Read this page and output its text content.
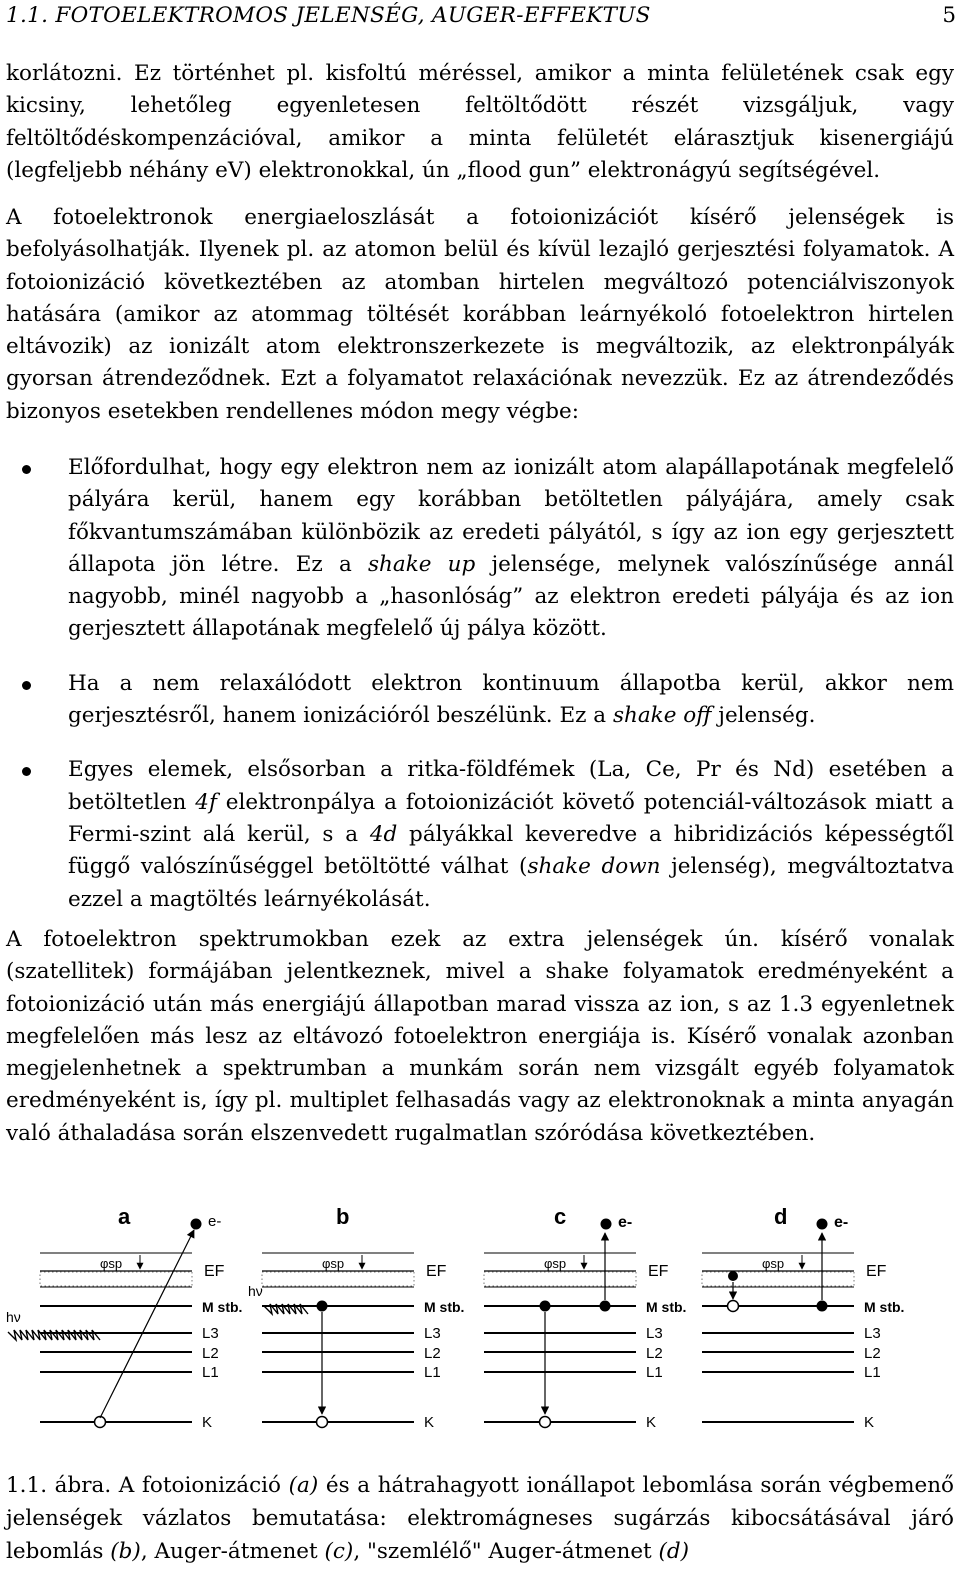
1.1. FOTOELEKTROMOS JELENSÉG, AUGER-EFFEKTUS	5

korlátozni. Ez történhet pl. kisfoltú méréssel, amikor a minta felületének csak egy kicsiny, lehetőleg egyenletesen feltöltődött részét vizsgáljuk, vagy feltöltődéskompenzációval, amikor a minta felületét elárasztjuk kisenergiájú (legfeljebb néhány eV) elektronokkal, ún „flood gun” elektronágyú segítségével.

A fotoelektronok energiaeloszlását a fotoionizációt kísérő jelenségek is befolyásolhatják. Ilyenek pl. az atomon belül és kívül lezajló gerjesztési folyamatok. A fotoionizáció következtében az atomban hirtelen megváltozó potenciálviszonyok hatására (amikor az atommag töltését korábban leárnyékoló fotoelektron hirtelen eltávozik) az ionizált atom elektronszerkezete is megváltozik, az elektronpályák gyorsan átrendeződnek. Ezt a folyamatot relaxációnak nevezzük. Ez az átrendeződés bizonyos esetekben rendellenes módon megy végbe:

Előfordulhat, hogy egy elektron nem az ionizált atom alapállapotának megfelelő pályára kerül, hanem egy korábban betöltetlen pályájára, amely csak főkvantumszámában különbözik az eredeti pályától, s így az ion egy gerjesztett állapota jön létre. Ez a shake up jelensége, melynek valószínűsége annál nagyobb, minél nagyobb a „hasonlóság” az elektron eredeti pályája és az ion gerjesztett állapotának megfelelő új pálya között.

Ha a nem relaxálódott elektron kontinuum állapotba kerül, akkor nem gerjesztésről, hanem ionizációról beszélünk. Ez a shake off jelenség.

Egyes elemek, elsősorban a ritka-földfémek (La, Ce, Pr és Nd) esetében a betöltetlen 4f elektronpálya a fotoionizációt követő potenciál-változások miatt a Fermi-szint alá kerül, s a 4d pályákkal keveredve a hibridizációs képességtől függő valószínűséggel betöltötté válhat (shake down jelenség), megváltoztatva ezzel a magtöltés leárnyékolását.

A fotoelektron spektrumokban ezek az extra jelenségek ún. kísérő vonalak (szatellitek) formájában jelentkeznek, mivel a shake folyamatok eredményeként a fotoionizáció után más energiájú állapotban marad vissza az ion, s az 1.3 egyenletnek megfelelően más lesz az eltávozó fotoelektron energiája is. Kísérő vonalak azonban megjelenhetnek a spektrumban a munkám során nem vizsgált egyéb folyamatok eredményeként is, így pl. multiplet felhasadás vagy az elektronoknak a minta anyagán való áthaladása során elszenvedett rugalmatlan szóródása következtében.

a	e-
φsp
hν
EF
M stb.
L3
L2
L1
K
b
φsp
hν
EF
M stb.
L3
L2
L1
K
c	e-
φsp	EF
M stb.
L3
L2
L1
K
d	e-
φsp	EF
M stb.
L3
L2
L1
K
1.1. ábra. A fotoionizáció (a) és a hátrahagyott ionállapot lebomlása során végbemenő jelenségek vázlatos bemutatása: elektromágneses sugárzás kibocsátásával járó lebomlás (b), Auger-átmenet (c), "szemlélő" Auger-átmenet (d)
